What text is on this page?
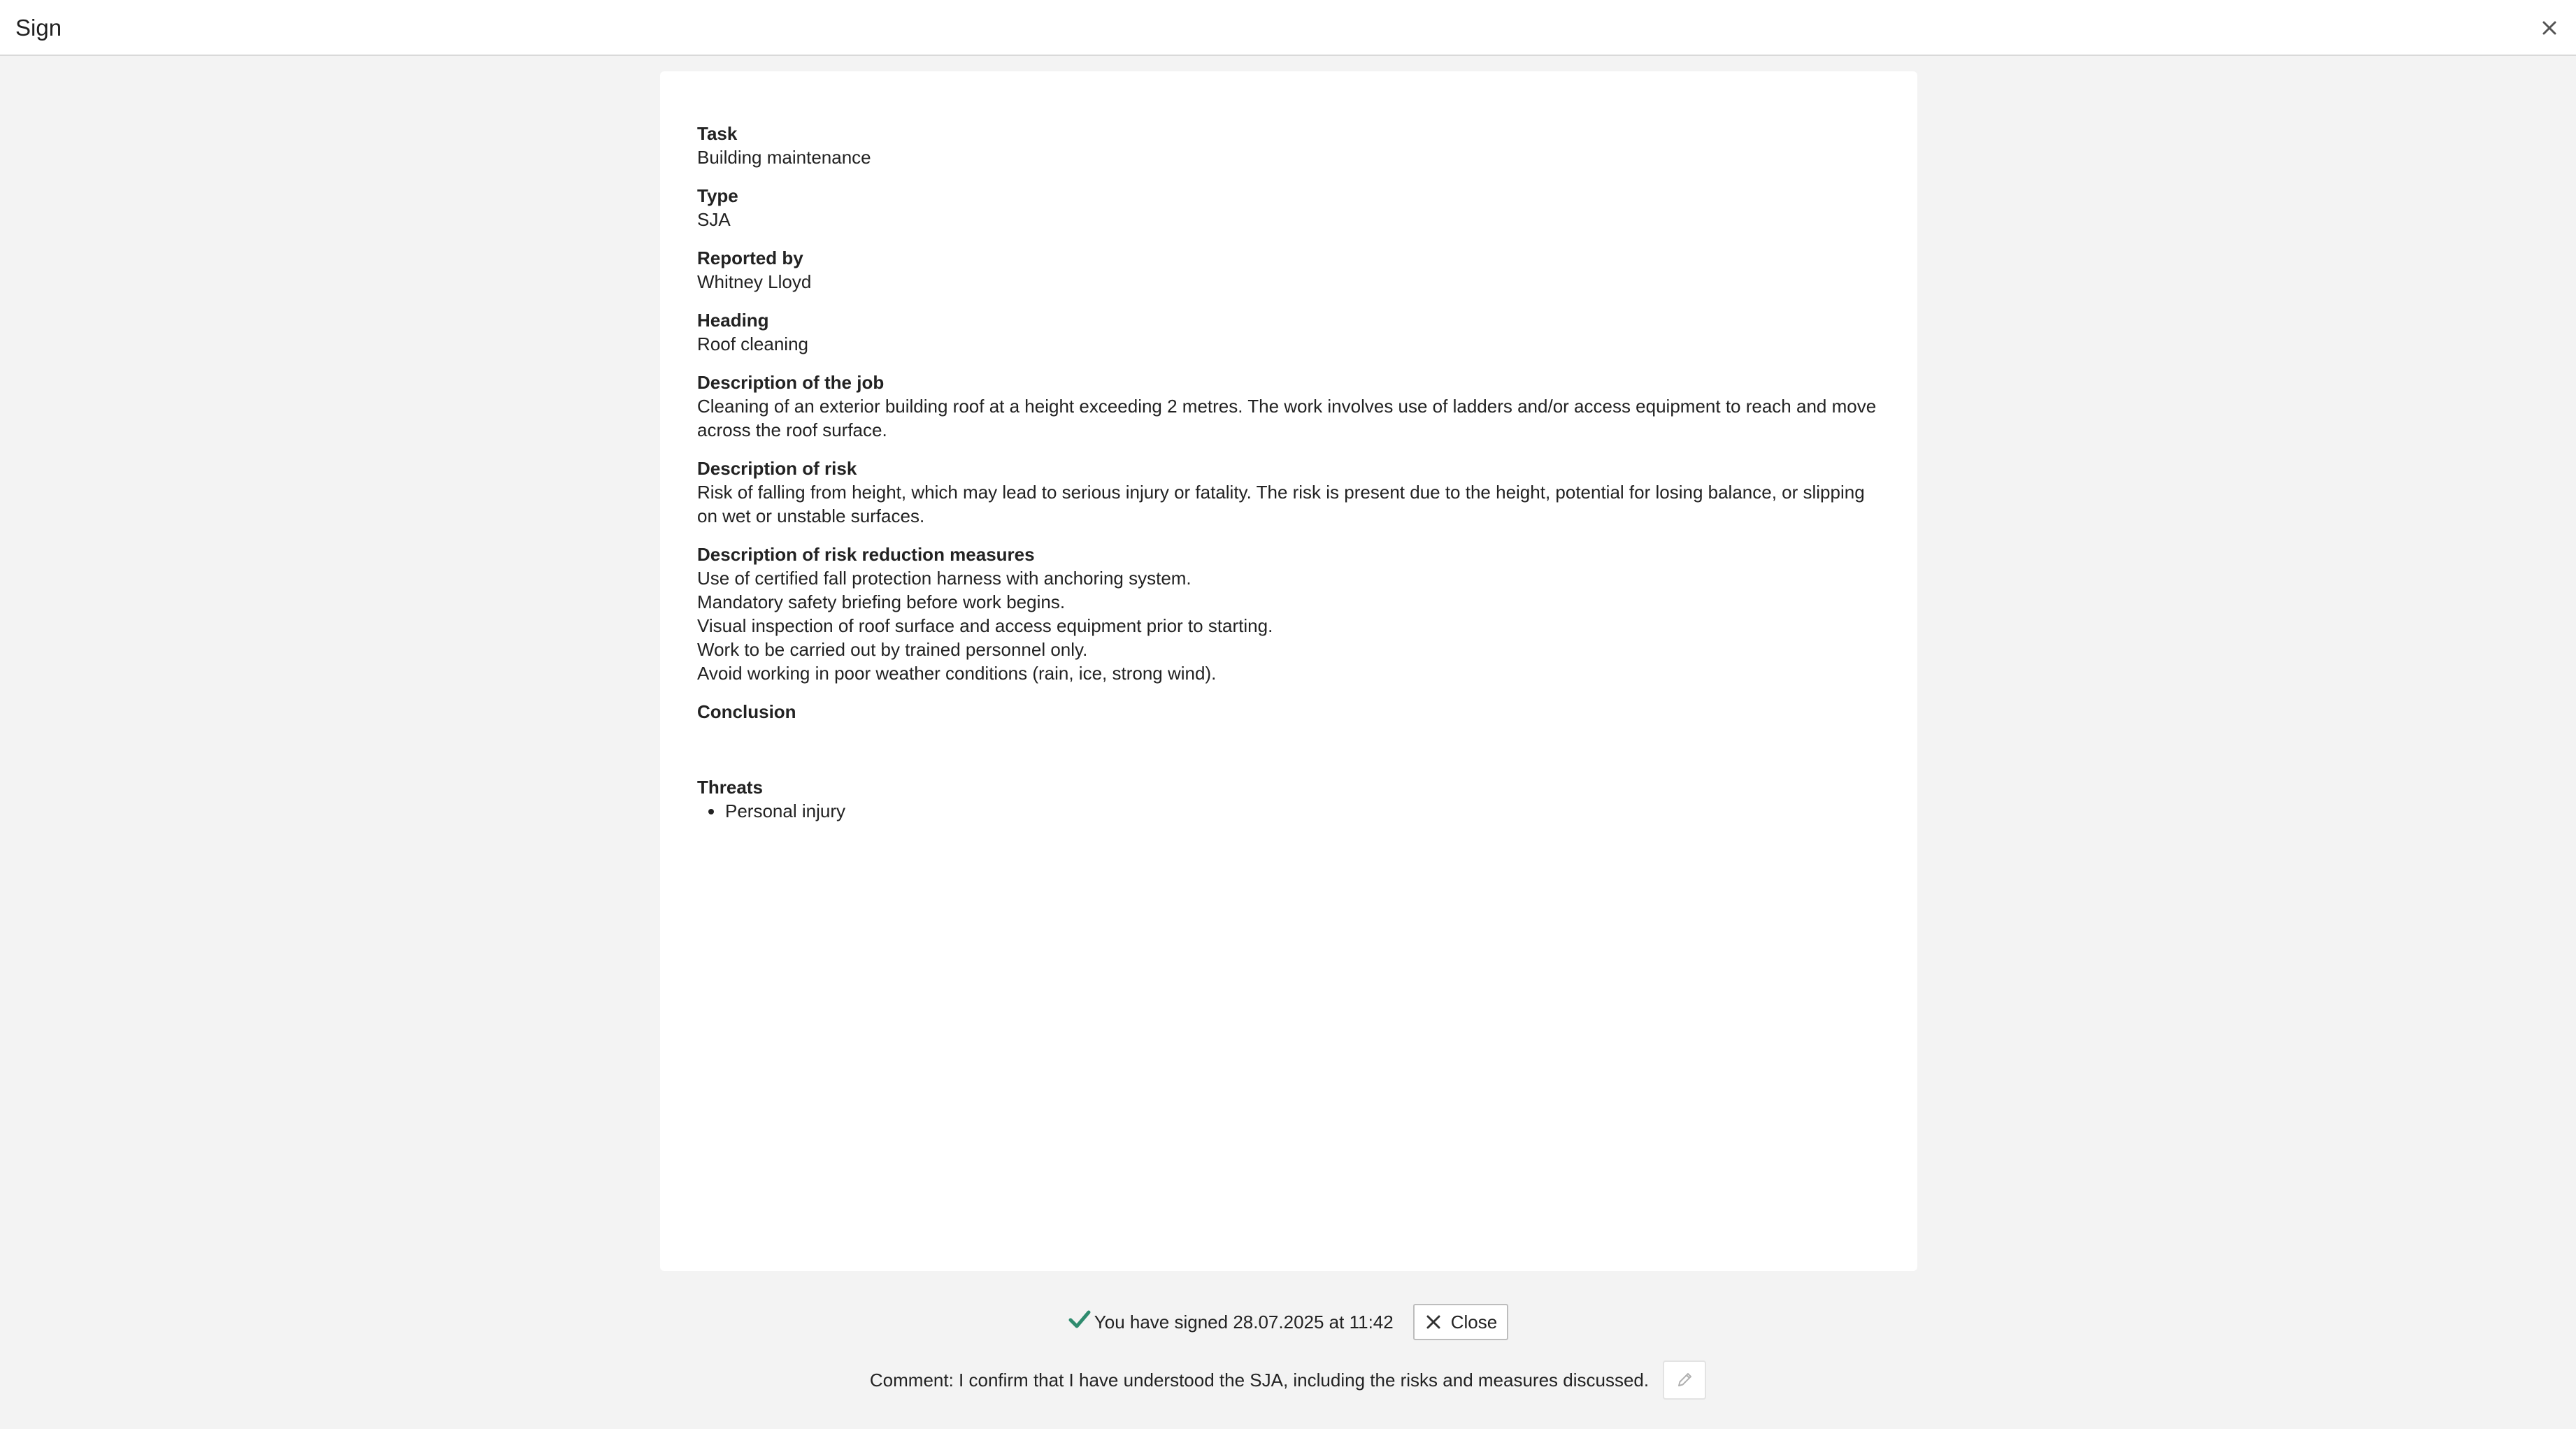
Sign
Task
Building maintenance
Type
SJA
Reported by
Whitney Lloyd
Heading
Roof cleaning
Description of the job
Cleaning of an exterior building roof at a height exceeding 2 metres. The work involves use of ladders and/or access equipment to reach and move across the roof surface.
Description of risk
Risk of falling from height, which may lead to serious injury or fatality. The risk is present due to the height, potential for losing balance, or slipping on wet or unstable surfaces.
Description of risk reduction measures
Use of certified fall protection harness with anchoring system.
Mandatory safety briefing before work begins.
Visual inspection of roof surface and access equipment prior to starting.
Work to be carried out by trained personnel only.
Avoid working in poor weather conditions (rain, ice, strong wind).
Conclusion
Threats
Personal injury
You have signed 28.07.2025 at 11:42	Close
Comment: I confirm that I have understood the SJA, including the risks and measures discussed.
